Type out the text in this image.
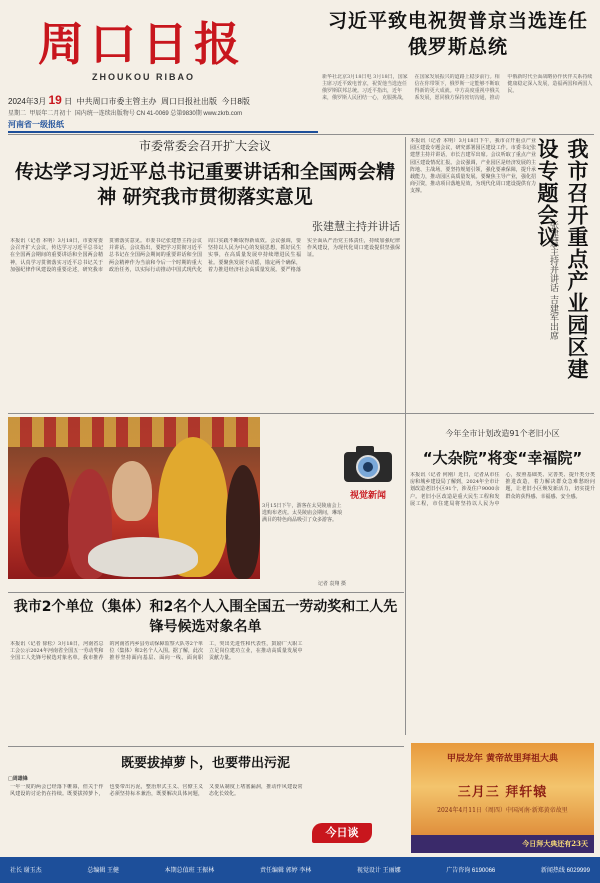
周口日报
ZHOUKOU RIBAO
2024年3月 19 日 中共周口市委主管主办 周口日报社出版 今日8版
星期二 甲辰年二月初十 国内统一连续出版物号 CN 41-0069 总第9830期 www.zkrb.com
河南省一级报纸
习近平致电祝贺普京当选连任俄罗斯总统
新华社北京3月18日电 3月18日，国家主席习近平致电普京，祝贺他当选连任俄罗斯联邦总统。习近平指出，近年来，俄罗斯人民团结一心，克服挑战，在国家发展振兴的道路上稳步前行。相信在你带领下，俄罗斯一定能够不断取得新的更大成就。中方高度重视中俄关系发展，愿同俄方保持密切沟通，推动中俄新时代全面战略协作伙伴关系持续健康稳定深入发展，造福两国和两国人民。
市委常委会召开扩大会议
传达学习习近平总书记重要讲话和全国两会精神 研究我市贯彻落实意见
张建慧主持并讲话
本报讯（记者 本明）3月18日，市委常委会召开扩大会议，传达学习习近平总书记在全国两会期间的重要讲话和全国两会精神，认真学习贯彻落实习近平总书记关于加强纪律作风建设的重要论述，研究我市贯彻落实意见。市委书记张建慧主持会议并讲话。会议指出，要把学习贯彻习近平总书记在全国两会期间的重要讲话和全国两会精神作为当前和今后一个时期的重大政治任务，以实际行动推动中国式现代化周口实践不断取得新成效。会议强调，要坚持以人民为中心的发展思想，抓好民生实事，在高质量发展中持续增进民生福祉。要聚焦发展不动摇，锚定两个确保，着力推进经济社会高质量发展。要严格落实全面从严治党主体责任，持续加强纪律作风建设，为现代化周口建设提供坚强保证。
本报讯（记者 本明）3月18日下午，我市召开重点产业园区建设专题会议，研究部署园区建设工作。市委书记张建慧主持并讲话，市长吉建军出席。会议听取了重点产业园区建设情况汇报。会议强调，产业园区是经济发展的主阵地、主战场，要坚持规划引领，强化要素保障，提升承载能力，推动园区高质量发展。要聚焦主导产业，强化招商引资，推动项目落地见效，为现代化周口建设提供有力支撑。
张建慧主持并讲话 吉建军出席 我市召开重点产业园区建设专题会议
3月15日下午，游客在太昊陵庙会上选购布老虎。太昊陵庙会期间，琳琅满目的特色商品吸引了众多游客。
记者 袁翔 摄
视觉新闻
今年全市计划改造91个老旧小区
“大杂院”将变“幸福院”
本报讯（记者 何刚）近日，记者从市住房和城乡建设局了解到，2024年全市计划改造老旧小区91个，涉及住户9000余户。老旧小区改造是重大民生工程和发展工程，市住建局将坚持以人民为中心，按照基础类、完善类、提升类分类推进改造，着力解决群众急难愁盼问题，让老旧小区焕发新活力，切实提升群众的获得感、幸福感、安全感。
我市2个单位（集体）和2名个人入围全国五一劳动奖和工人先锋号候选对象名单
本报讯（记者 徐松）3月18日，河南省总工会公示2024年河南省全国五一劳动奖和全国工人先锋号候选对象名单。我市推荐的河南省内乡县劳动保障监察大队等2个单位（集体）和2名个人入围。据了解，此次推荐坚持面向基层、面向一线、面向职工，突出先进性和代表性，鼓励广大职工立足岗位建功立业，在推动高质量发展中贡献力量。
既要拔掉萝卜，也要带出污泥
□周雄锋
一年一度的两会已经落下帷幕，但关于作风建设的讨论仍在持续。既要拔掉萝卜，也要带出污泥，整治形式主义、官僚主义必须坚持标本兼治，既要解决具体问题，又要从制度上堵塞漏洞，推动作风建设常态化长效化。
今日谈
甲辰龙年 黄帝故里拜祖大典
三月三 拜轩辕
2024年4月11日（周四）中国河南·新郑黄帝故里
今日拜大典还有23天
社长 谢玉杰	总编辑 王健	本期总值班 王振林	责任编辑 郭婷 李林	视觉设计 王丽娜	广告咨询 6190066	新闻热线 6029999
